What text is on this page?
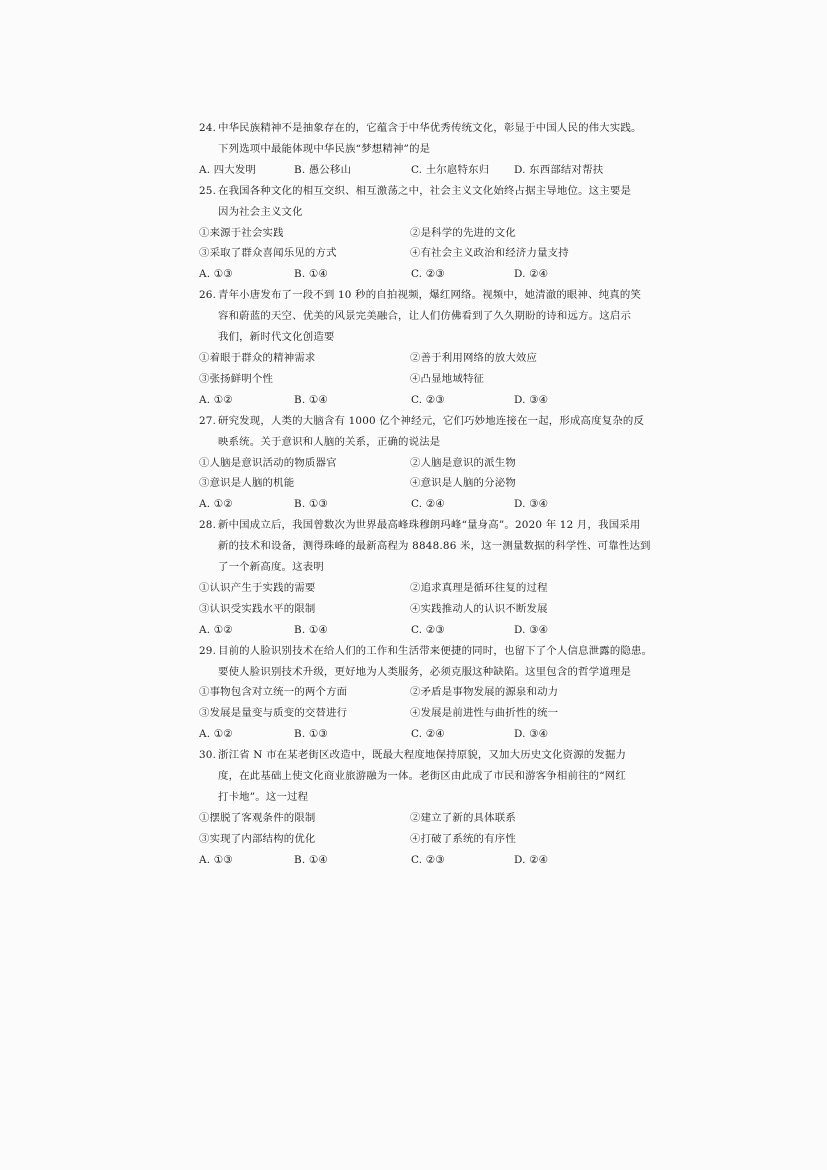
24. 中华民族精神不是抽象存在的，它蕴含于中华优秀传统文化，彰显于中国人民的伟大实践。
下列选项中最能体现中华民族“梦想精神”的是
A. 四大发明	B. 愚公移山	C. 土尔扈特东归	D. 东西部结对帮扶
25. 在我国各种文化的相互交织、相互激荡之中，社会主义文化始终占据主导地位。这主要是
因为社会主义文化
①来源于社会实践	②是科学的先进的文化
③采取了群众喜闻乐见的方式	④有社会主义政治和经济力量支持
A. ①③	B. ①④	C. ②③	D. ②④
26. 青年小唐发布了一段不到 10 秒的自拍视频，爆红网络。视频中，她清澈的眼神、纯真的笑
容和蔚蓝的天空、优美的风景完美融合，让人们仿佛看到了久久期盼的诗和远方。这启示
我们，新时代文化创造要
①着眼于群众的精神需求	②善于利用网络的放大效应
③张扬鲜明个性	④凸显地域特征
A. ①②	B. ①④	C. ②③	D. ③④
27. 研究发现，人类的大脑含有 1000 亿个神经元，它们巧妙地连接在一起，形成高度复杂的反
映系统。关于意识和人脑的关系，正确的说法是
①人脑是意识活动的物质器官	②人脑是意识的派生物
③意识是人脑的机能	④意识是人脑的分泌物
A. ①②	B. ①③	C. ②④	D. ③④
28. 新中国成立后，我国曾数次为世界最高峰珠穆朗玛峰“量身高”。2020 年 12 月，我国采用
新的技术和设备，测得珠峰的最新高程为 8848.86 米，这一测量数据的科学性、可靠性达到
了一个新高度。这表明
①认识产生于实践的需要	②追求真理是循环往复的过程
③认识受实践水平的限制	④实践推动人的认识不断发展
A. ①②	B. ①④	C. ②③	D. ③④
29. 目前的人脸识别技术在给人们的工作和生活带来便捷的同时，也留下了个人信息泄露的隐患。
要使人脸识别技术升级，更好地为人类服务，必须克服这种缺陷。这里包含的哲学道理是
①事物包含对立统一的两个方面	②矛盾是事物发展的源泉和动力
③发展是量变与质变的交替进行	④发展是前进性与曲折性的统一
A. ①②	B. ①③	C. ②④	D. ③④
30. 浙江省 N 市在某老街区改造中，既最大程度地保持原貌，又加大历史文化资源的发掘力
度，在此基础上使文化商业旅游融为一体。老街区由此成了市民和游客争相前往的“网红
打卡地”。这一过程
①摆脱了客观条件的限制	②建立了新的具体联系
③实现了内部结构的优化	④打破了系统的有序性
A. ①③	B. ①④	C. ②③	D. ②④
